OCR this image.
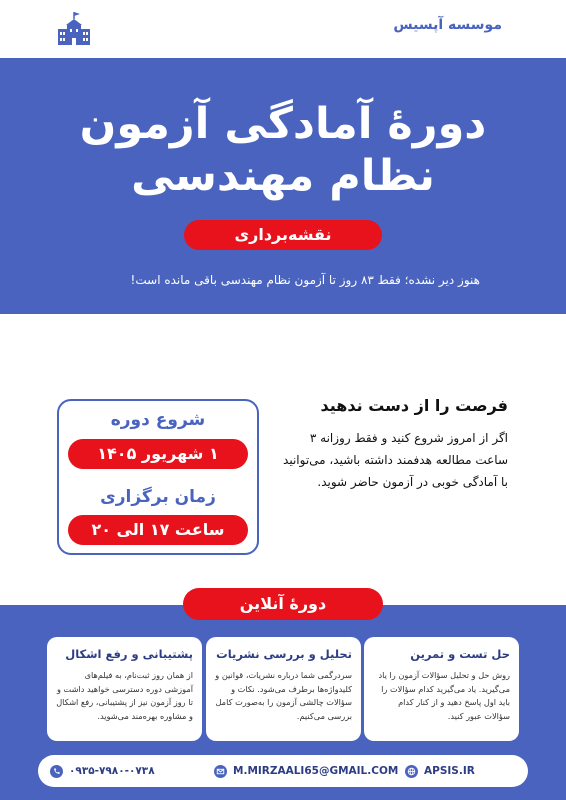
موسسه آپسیس
دورۀ آمادگی آزمون
نظام مهندسی
نقشه‌برداری
هنوز دیر نشده؛ فقط ۸۳ روز تا آزمون نظام مهندسی باقی مانده است!
فرصت را از دست ندهید
اگر از امروز شروع کنید و فقط روزانه ۳ ساعت مطالعه هدفمند داشته باشید، می‌توانید با آمادگی خوبی در آزمون حاضر شوید.
شروع دوره
۱ شهریور ۱۴۰۵
زمان برگزاری
ساعت ۱۷ الی ۲۰
دورۀ آنلاین
حل تست و تمرین
روش حل و تحلیل سؤالات آزمون را یاد می‌گیرید. یاد می‌گیرید کدام سؤالات را باید اول پاسخ دهید و از کنار کدام سؤالات عبور کنید.
تحلیل و بررسی نشریات
سردرگمی شما درباره نشریات، قوانین و کلیدواژه‌ها برطرف می‌شود. نکات و سؤالات چالشی آزمون را به‌صورت کامل بررسی می‌کنیم.
پشتیبانی و رفع اشکال
از همان روز ثبت‌نام، به فیلم‌های آموزشی دوره دسترسی خواهید داشت و تا روز آزمون نیز از پشتیبانی، رفع اشکال و مشاوره بهره‌مند می‌شوید.
۰۹۳۵-۷۹۸۰-۰۷۳۸	M.MIRZAALI65@GMAIL.COM APSIS.IR
